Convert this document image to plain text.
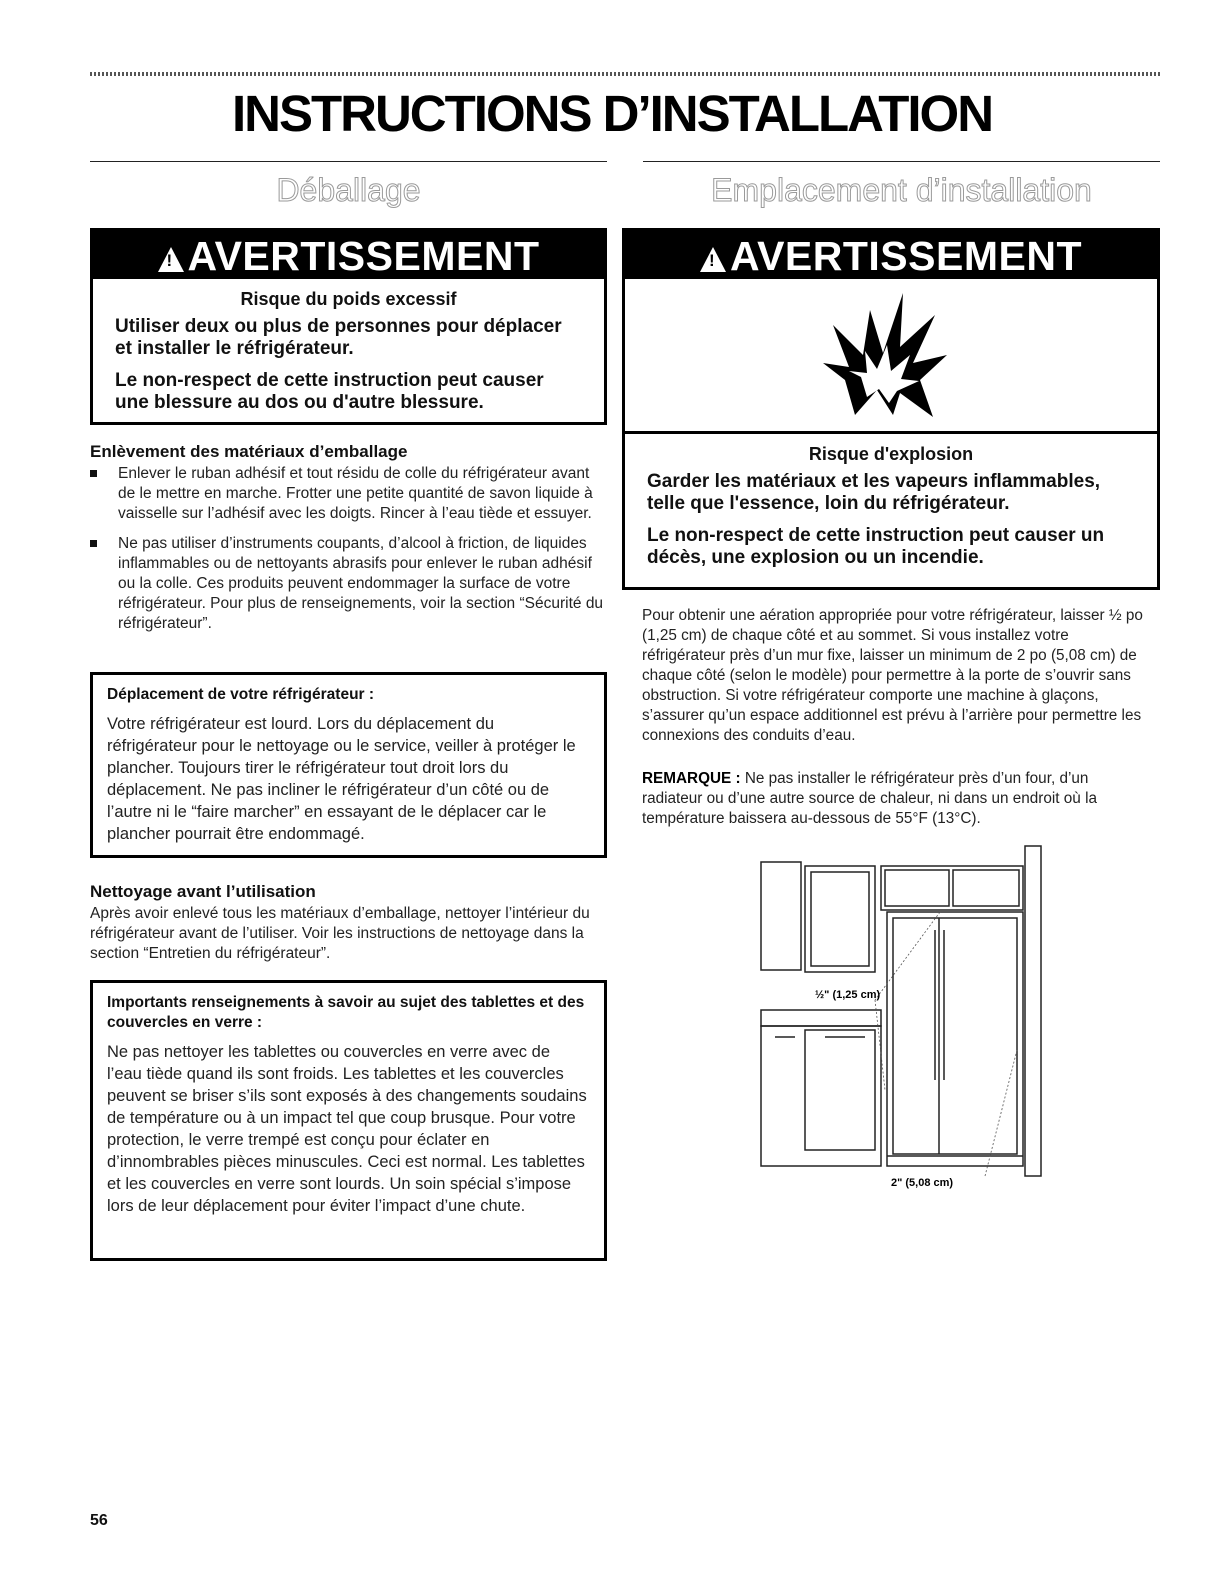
INSTRUCTIONS D’INSTALLATION
Déballage	Emplacement d’installation
!AVERTISSEMENT

Risque du poids excessif

Utiliser deux ou plus de personnes pour déplacer et installer le réfrigérateur.

Le non-respect de cette instruction peut causer une blessure au dos ou d'autre blessure.

Enlèvement des matériaux d’emballage
Enlever le ruban adhésif et tout résidu de colle du réfrigérateur avant de le mettre en marche. Frotter une petite quantité de savon liquide à vaisselle sur l’adhésif avec les doigts. Rincer à l’eau tiède et essuyer.
Ne pas utiliser d’instruments coupants, d’alcool à friction, de liquides inflammables ou de nettoyants abrasifs pour enlever le ruban adhésif ou la colle. Ces produits peuvent endommager la surface de votre réfrigérateur. Pour plus de renseignements, voir la section “Sécurité du réfrigérateur”.
Déplacement de votre réfrigérateur :

Votre réfrigérateur est lourd. Lors du déplacement du réfrigérateur pour le nettoyage ou le service, veiller à protéger le plancher. Toujours tirer le réfrigérateur tout droit lors du déplacement. Ne pas incliner le réfrigérateur d’un côté ou de l’autre ni le “faire marcher” en essayant de le déplacer car le plancher pourrait être endommagé.

Nettoyage avant l’utilisation

Après avoir enlevé tous les matériaux d’emballage, nettoyer l’intérieur du réfrigérateur avant de l’utiliser. Voir les instructions de nettoyage dans la section “Entretien du réfrigérateur”.

Importants renseignements à savoir au sujet des tablettes et des couvercles en verre :

Ne pas nettoyer les tablettes ou couvercles en verre avec de l’eau tiède quand ils sont froids. Les tablettes et les couvercles peuvent se briser s’ils sont exposés à des changements soudains de température ou à un impact tel que coup brusque. Pour votre protection, le verre trempé est conçu pour éclater en d’innombrables pièces minuscules. Ceci est normal. Les tablettes et les couvercles en verre sont lourds. Un soin spécial s’impose lors de leur déplacement pour éviter l’impact d’une chute.

!AVERTISSEMENT

Risque d'explosion

Garder les matériaux et les vapeurs inflammables, telle que l'essence, loin du réfrigérateur.

Le non-respect de cette instruction peut causer un décès, une explosion ou un incendie.

Pour obtenir une aération appropriée pour votre réfrigérateur, laisser ½ po (1,25 cm) de chaque côté et au sommet. Si vous installez votre réfrigérateur près d’un mur fixe, laisser un minimum de 2 po (5,08 cm) de chaque côté (selon le modèle) pour permettre à la porte de s’ouvrir sans obstruction. Si votre réfrigérateur comporte une machine à glaçons, s’assurer qu’un espace additionnel est prévu à l’arrière pour permettre les connexions des conduits d’eau.

REMARQUE : Ne pas installer le réfrigérateur près d’un four, d’un radiateur ou d’une autre source de chaleur, ni dans un endroit où la température baissera au-dessous de 55°F (13°C).

½" (1,25 cm)
2" (5,08 cm)

56
